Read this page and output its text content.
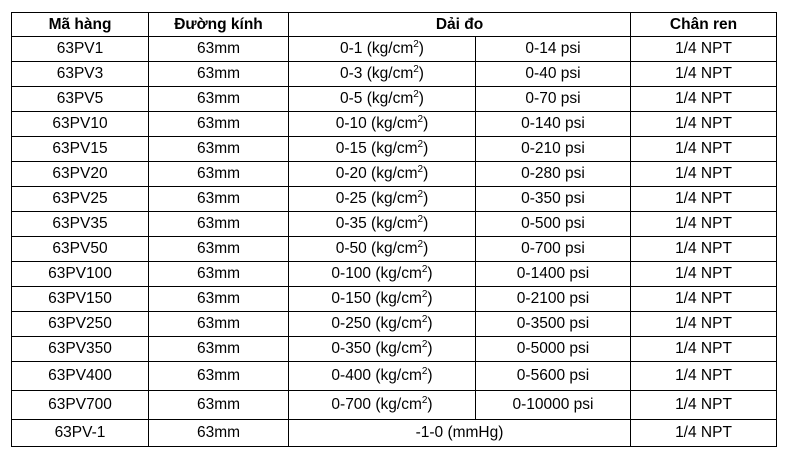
Mã hàng	Đường kính	Dải đo		Chân ren
63PV1	63mm	0-1 $(kg/cm^2)$	0-14 psi	1/4 NPT
63PV3	63mm	0-3 $(kg/cm^2)$	0-40 psi	1/4 NPT
63PV5	63mm	0-5 $(kg/cm^2)$	0-70 psi	1/4 NPT
63PV10	63mm	0-10 $(kg/cm^2)$	0-140 psi	1/4 NPT
63PV15	63mm	0-15 $(kg/cm^2)$	0-210 psi	1/4 NPT
63PV20	63mm	0-20 $(kg/cm^2)$	0-280 psi	1/4 NPT
63PV25	63mm	0-25 $(kg/cm^2)$	0-350 psi	1/4 NPT
63PV35	63mm	0-35 $(kg/cm^2)$	0-500 psi	1/4 NPT
63PV50	63mm	0-50 $(kg/cm^2)$	0-700 psi	1/4 NPT
63PV100	63mm	0-100 $(kg/cm^2)$	0-1400 psi	1/4 NPT
63PV150	63mm	0-150 $(kg/cm^2)$	0-2100 psi	1/4 NPT
63PV250	63mm	0-250 $(kg/cm^2)$	0-3500 psi	1/4 NPT
63PV350	63mm	0-350 $(kg/cm^2)$	0-5000 psi	1/4 NPT
63PV400	63mm	0-400 $(kg/cm^2)$	0-5600 psi	1/4 NPT
63PV700	63mm	0-700 $(kg/cm^2)$	0-10000 psi	1/4 NPT
63PV-1	63mm	-1-0 (mmHg)		1/4 NPT
